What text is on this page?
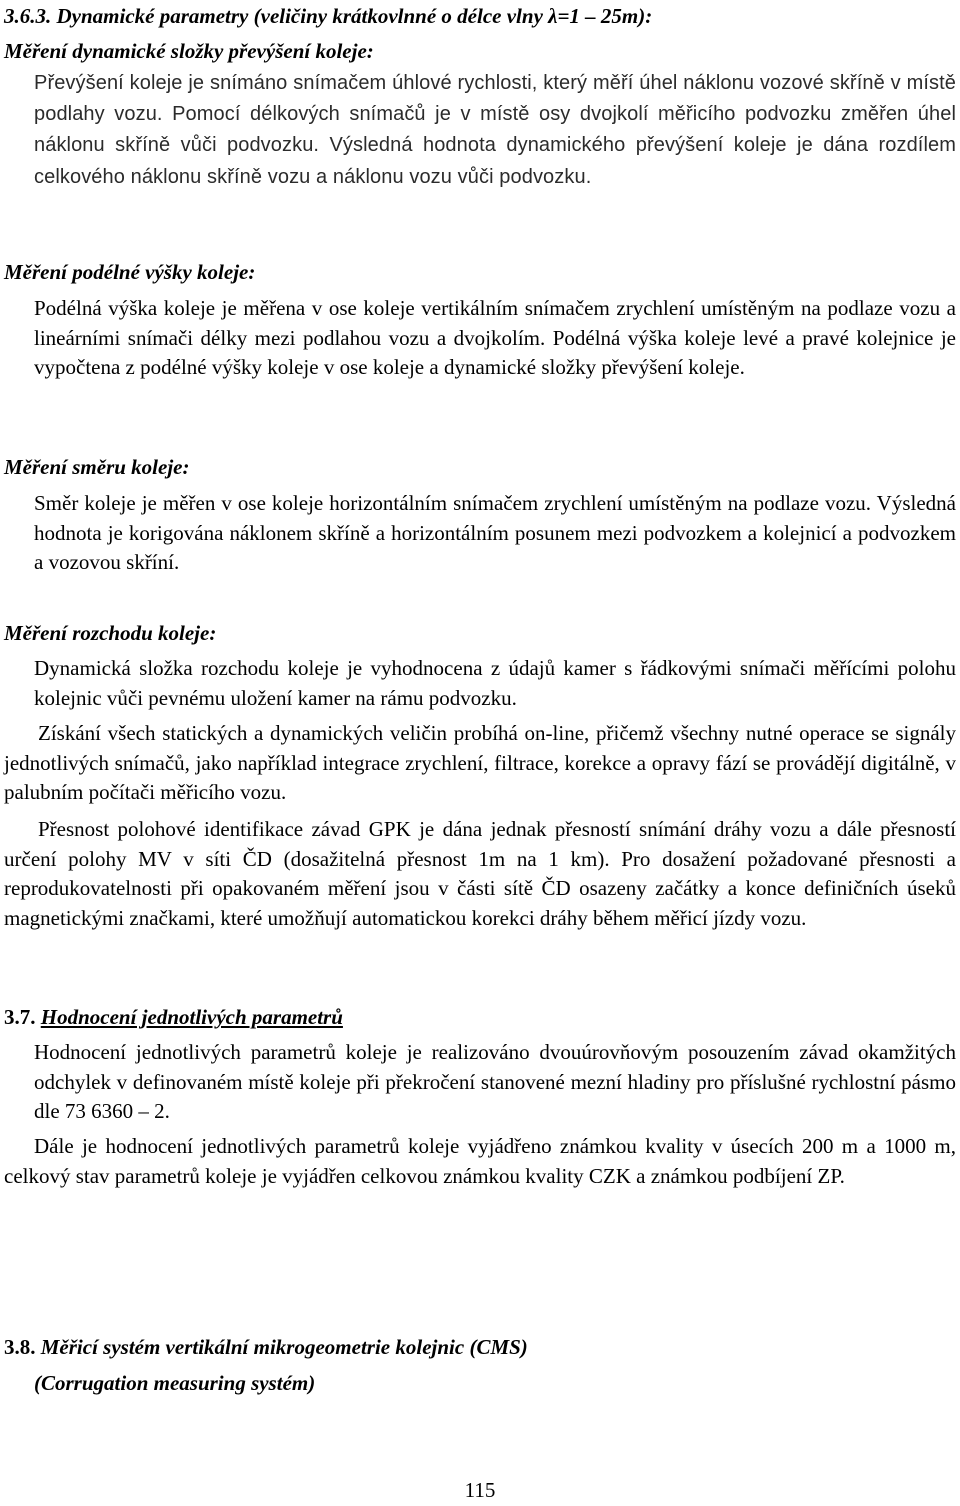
3.6.3. Dynamické parametry (veličiny krátkovlnné o délce vlny λ=1 – 25m):
Měření dynamické složky převýšení koleje:

Převýšení koleje je snímáno snímačem úhlové rychlosti, který měří úhel náklonu vozové skříně v místě podlahy vozu. Pomocí délkových snímačů je v místě osy dvojkolí měřicího podvozku změřen úhel náklonu skříně vůči podvozku. Výsledná hodnota dynamického převýšení koleje je dána rozdílem celkového náklonu skříně vozu a náklonu vozu vůči podvozku.

Měření podélné výšky koleje:

Podélná výška koleje je měřena v ose koleje vertikálním snímačem zrychlení umístěným na podlaze vozu a lineárními snímači délky mezi podlahou vozu a dvojkolím. Podélná výška koleje levé a pravé kolejnice je vypočtena z podélné výšky koleje v ose koleje a dynamické složky převýšení koleje.

Měření směru koleje:

Směr koleje je měřen v ose koleje horizontálním snímačem zrychlení umístěným na podlaze vozu. Výsledná hodnota je korigována náklonem skříně a horizontálním posunem mezi podvozkem a kolejnicí a podvozkem a vozovou skříní.

Měření rozchodu koleje:

Dynamická složka rozchodu koleje je vyhodnocena z údajů kamer s řádkovými snímači měřícími polohu kolejnic vůči pevnému uložení kamer na rámu podvozku.

Získání všech statických a dynamických veličin probíhá on-line, přičemž všechny nutné operace se signály jednotlivých snímačů, jako například integrace zrychlení, filtrace, korekce a opravy fází se provádějí digitálně, v palubním počítači měřicího vozu.

Přesnost polohové identifikace závad GPK je dána jednak přesností snímání dráhy vozu a dále přesností určení polohy MV v síti ČD (dosažitelná přesnost 1m na 1 km). Pro dosažení požadované přesnosti a reprodukovatelnosti při opakovaném měření jsou v části sítě ČD osazeny začátky a konce definičních úseků magnetickými značkami, které umožňují automatickou korekci dráhy během měřicí jízdy vozu.

3.7. Hodnocení jednotlivých parametrů

Hodnocení jednotlivých parametrů koleje je realizováno dvouúrovňovým posouzením závad okamžitých odchylek v definovaném místě koleje při překročení stanovené mezní hladiny pro příslušné rychlostní pásmo dle 73 6360 – 2.

Dále je hodnocení jednotlivých parametrů koleje vyjádřeno známkou kvality v úsecích 200 m a 1000 m, celkový stav parametrů koleje je vyjádřen celkovou známkou kvality CZK a známkou podbíjení ZP.

3.8. Měřicí systém vertikální mikrogeometrie kolejnic (CMS)
(Corrugation measuring systém)
115
